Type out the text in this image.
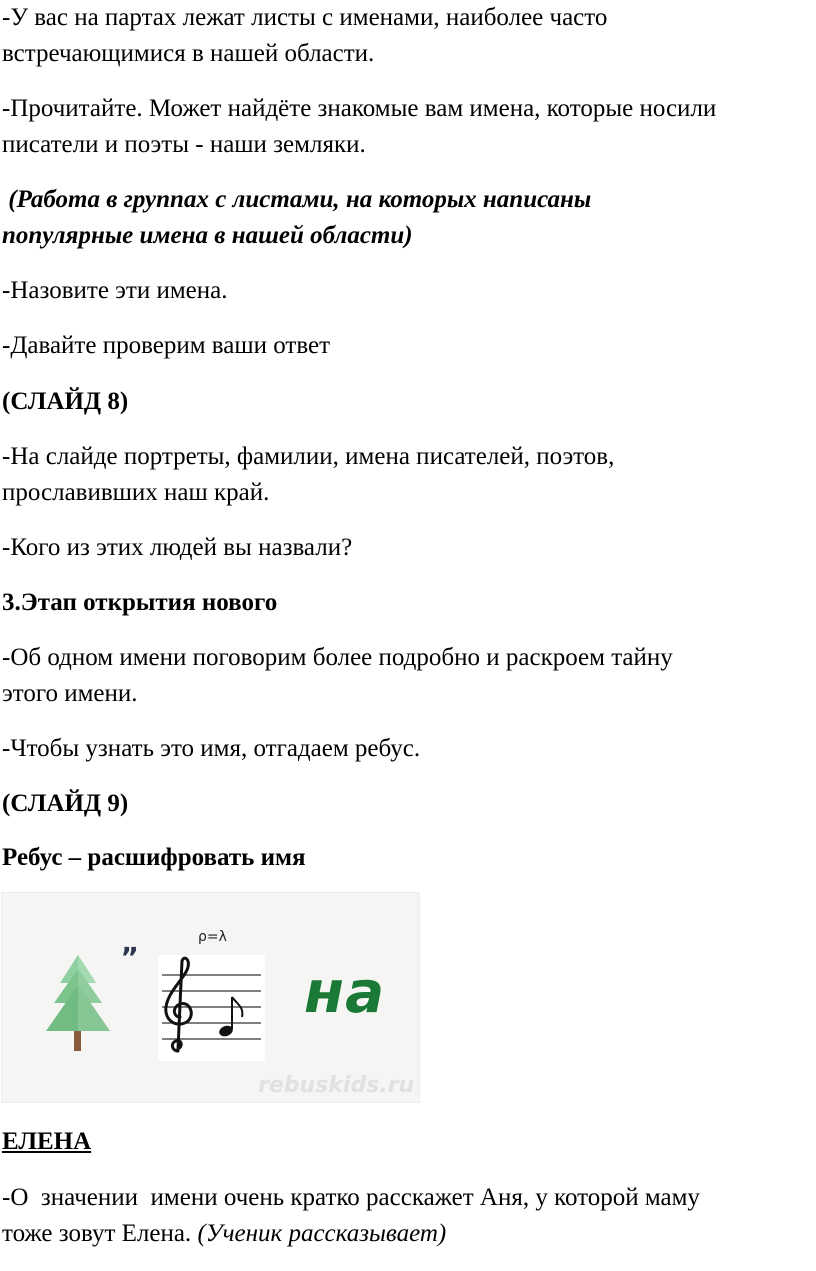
-У вас на партах лежат листы с именами, наиболее часто

встречающимися в нашей области.

-Прочитайте. Может найдёте знакомые вам имена, которые носили

писатели и поэты - наши земляки.

(Работа в группах с листами, на которых написаны

популярные имена в нашей области)

-Назовите эти имена.

-Давайте проверим ваши ответ

(СЛАЙД 8)

-На слайде портреты, фамилии, имена писателей, поэтов,

прославивших наш край.

-Кого из этих людей вы назвали?

3.Этап открытия нового

-Об одном имени поговорим более подробно и раскроем тайну

этого имени.

-Чтобы узнать это имя, отгадаем ребус.

(СЛАЙД 9)

Ребус – расшифровать имя

„	ρ=λ
на
rebuskids.ru

ЕЛЕНА

-О  значении  имени очень кратко расскажет Аня, у которой маму

тоже зовут Елена. (Ученик рассказывает)
